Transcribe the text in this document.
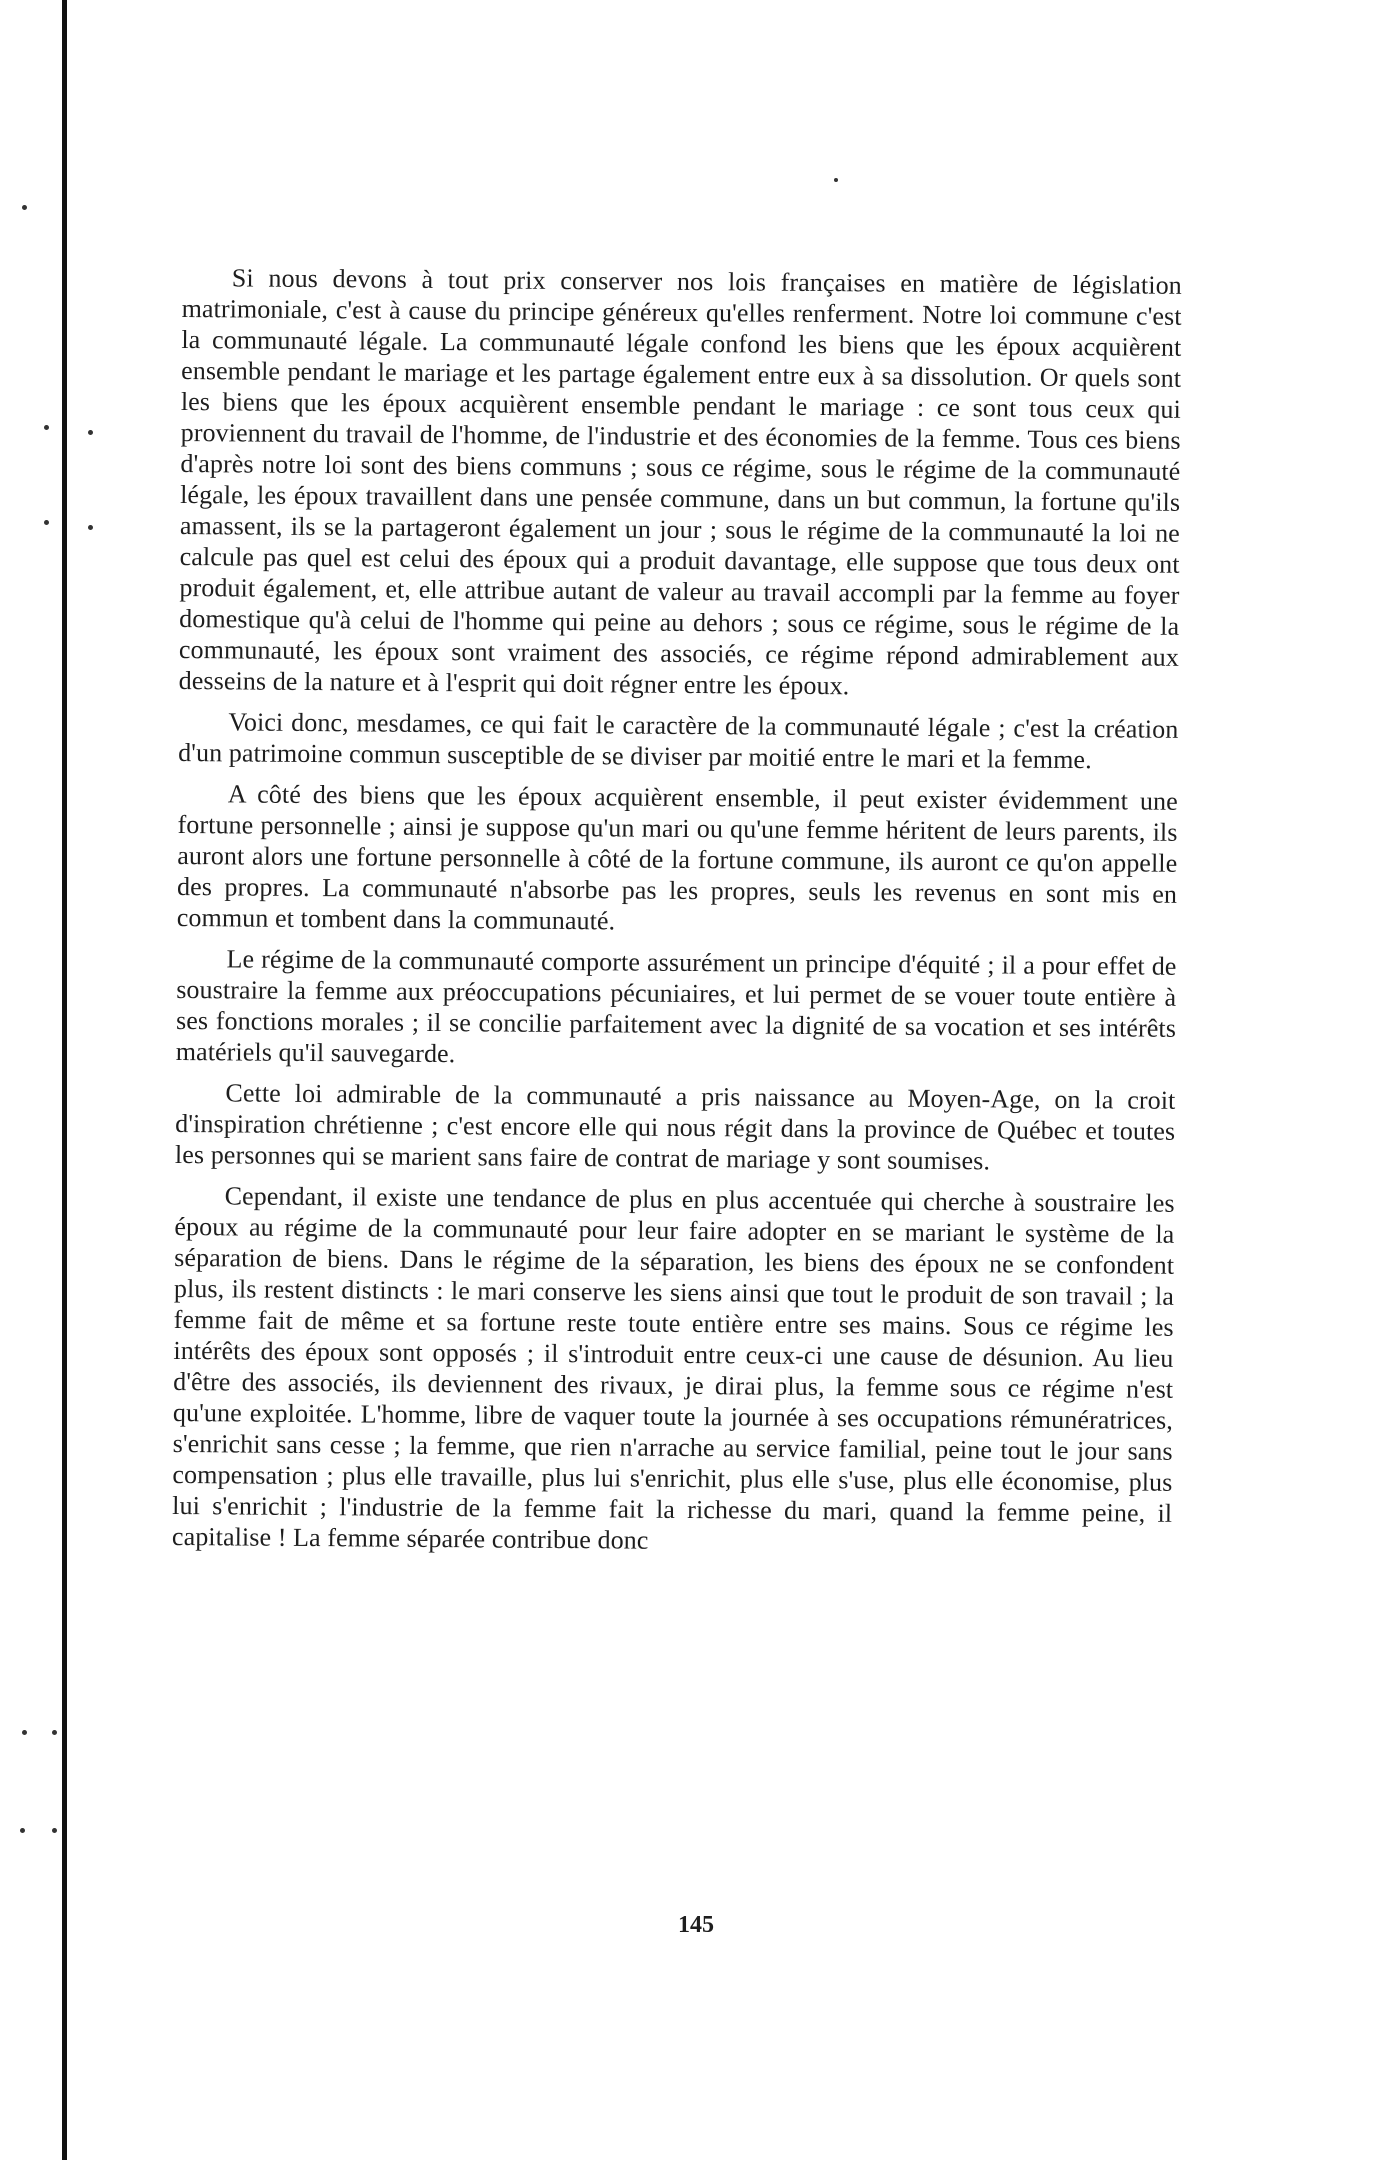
Si nous devons à tout prix conserver nos lois françaises en matière de législation matrimoniale, c'est à cause du principe généreux qu'elles renferment. Notre loi commune c'est la communauté légale. La communauté légale confond les biens que les époux acquièrent ensemble pendant le mariage et les partage également entre eux à sa dissolution. Or quels sont les biens que les époux acquièrent ensemble pendant le mariage : ce sont tous ceux qui proviennent du travail de l'homme, de l'industrie et des économies de la femme. Tous ces biens d'après notre loi sont des biens communs ; sous ce régime, sous le régime de la communauté légale, les époux travaillent dans une pensée commune, dans un but commun, la fortune qu'ils amassent, ils se la partageront également un jour ; sous le régime de la communauté la loi ne calcule pas quel est celui des époux qui a produit davantage, elle suppose que tous deux ont produit également, et, elle attribue autant de valeur au travail accompli par la femme au foyer domestique qu'à celui de l'homme qui peine au dehors ; sous ce régime, sous le régime de la communauté, les époux sont vraiment des associés, ce régime répond admirablement aux desseins de la nature et à l'esprit qui doit régner entre les époux.

Voici donc, mesdames, ce qui fait le caractère de la communauté légale ; c'est la création d'un patrimoine commun susceptible de se diviser par moitié entre le mari et la femme.

A côté des biens que les époux acquièrent ensemble, il peut exister évidemment une fortune personnelle ; ainsi je suppose qu'un mari ou qu'une femme héritent de leurs parents, ils auront alors une fortune personnelle à côté de la fortune commune, ils auront ce qu'on appelle des propres. La communauté n'absorbe pas les propres, seuls les revenus en sont mis en commun et tombent dans la communauté.

Le régime de la communauté comporte assurément un principe d'équité ; il a pour effet de soustraire la femme aux préoccupations pécuniaires, et lui permet de se vouer toute entière à ses fonctions morales ; il se concilie parfaitement avec la dignité de sa vocation et ses intérêts matériels qu'il sauvegarde.

Cette loi admirable de la communauté a pris naissance au Moyen-Age, on la croit d'inspiration chrétienne ; c'est encore elle qui nous régit dans la province de Québec et toutes les personnes qui se marient sans faire de contrat de mariage y sont soumises.

Cependant, il existe une tendance de plus en plus accentuée qui cherche à soustraire les époux au régime de la communauté pour leur faire adopter en se mariant le système de la séparation de biens. Dans le régime de la séparation, les biens des époux ne se confondent plus, ils restent distincts : le mari conserve les siens ainsi que tout le produit de son travail ; la femme fait de même et sa fortune reste toute entière entre ses mains. Sous ce régime les intérêts des époux sont opposés ; il s'introduit entre ceux-ci une cause de désunion. Au lieu d'être des associés, ils deviennent des rivaux, je dirai plus, la femme sous ce régime n'est qu'une exploitée. L'homme, libre de vaquer toute la journée à ses occupations rémunératrices, s'enrichit sans cesse ; la femme, que rien n'arrache au service familial, peine tout le jour sans compensation ; plus elle travaille, plus lui s'enrichit, plus elle s'use, plus elle économise, plus lui s'enrichit ; l'industrie de la femme fait la richesse du mari, quand la femme peine, il capitalise ! La femme séparée contribue donc

145
